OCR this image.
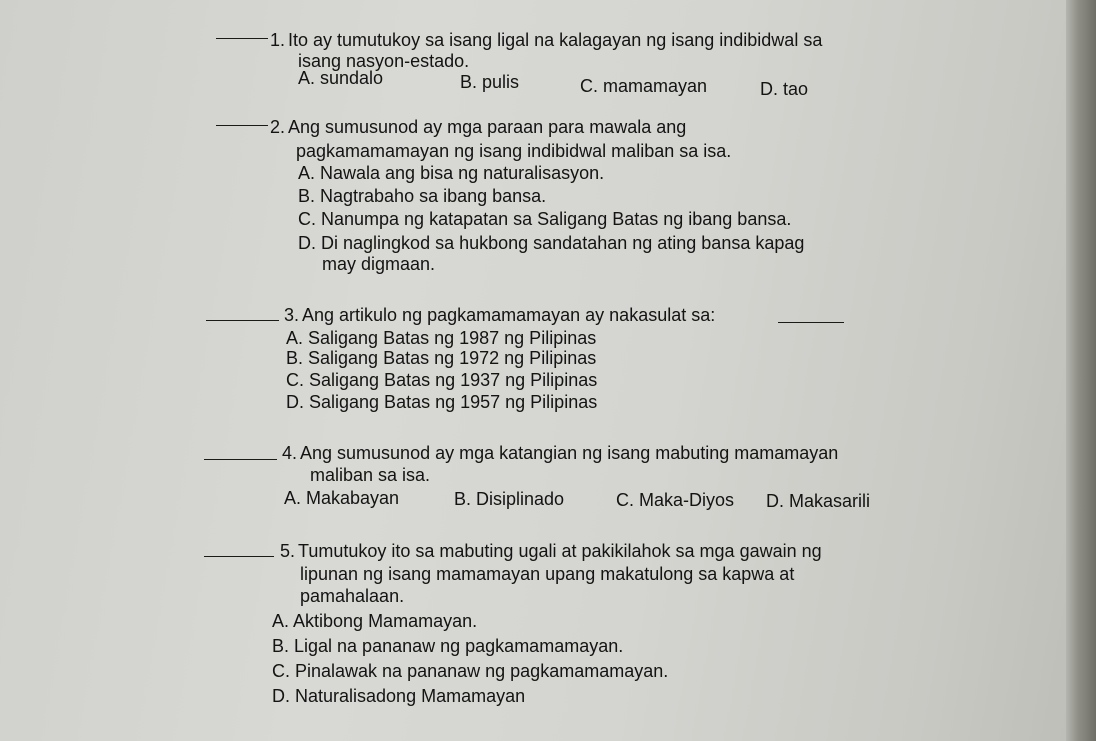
1. Ito ay tumutukoy sa isang ligal na kalagayan ng isang indibidwal sa
isang nasyon-estado.
A. sundalo	B. pulis	C. mamamayan	D. tao
2. Ang sumusunod ay mga paraan para mawala ang
pagkamamamayan ng isang indibidwal maliban sa isa.
A. Nawala ang bisa ng naturalisasyon.
B. Nagtrabaho sa ibang bansa.
C. Nanumpa ng katapatan sa Saligang Batas ng ibang bansa.
D. Di naglingkod sa hukbong sandatahan ng ating bansa kapag
may digmaan.
3. Ang artikulo ng pagkamamamayan ay nakasulat sa:
A. Saligang Batas ng 1987 ng Pilipinas
B. Saligang Batas ng 1972 ng Pilipinas
C. Saligang Batas ng 1937 ng Pilipinas
D. Saligang Batas ng 1957 ng Pilipinas
4. Ang sumusunod ay mga katangian ng isang mabuting mamamayan
maliban sa isa.
A. Makabayan	B. Disiplinado	C. Maka-Diyos D. Makasarili
5. Tumutukoy ito sa mabuting ugali at pakikilahok sa mga gawain ng
lipunan ng isang mamamayan upang makatulong sa kapwa at
pamahalaan.
A. Aktibong Mamamayan.
B. Ligal na pananaw ng pagkamamamayan.
C. Pinalawak na pananaw ng pagkamamamayan.
D. Naturalisadong Mamamayan
